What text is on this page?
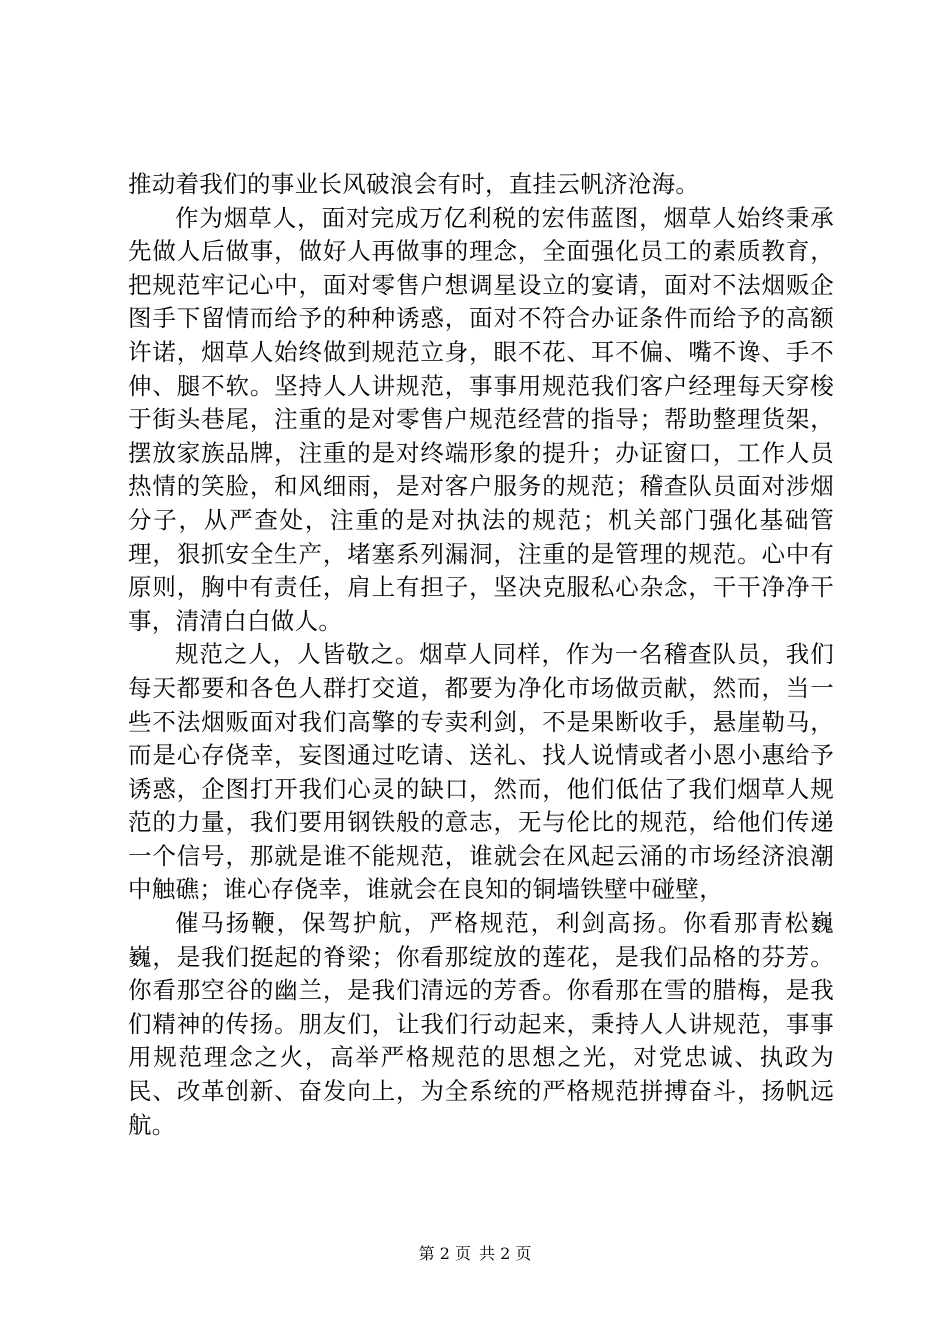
推动着我们的事业长风破浪会有时，直挂云帆济沧海。

作为烟草人，面对完成万亿利税的宏伟蓝图，烟草人始终秉承先做人后做事，做好人再做事的理念，全面强化员工的素质教育，把规范牢记心中，面对零售户想调星设立的宴请，面对不法烟贩企图手下留情而给予的种种诱惑，面对不符合办证条件而给予的高额许诺，烟草人始终做到规范立身，眼不花、耳不偏、嘴不谗、手不伸、腿不软。坚持人人讲规范，事事用规范我们客户经理每天穿梭于街头巷尾，注重的是对零售户规范经营的指导；帮助整理货架，摆放家族品牌，注重的是对终端形象的提升；办证窗口，工作人员热情的笑脸，和风细雨，是对客户服务的规范；稽查队员面对涉烟分子，从严查处，注重的是对执法的规范；机关部门强化基础管理，狠抓安全生产，堵塞系列漏洞，注重的是管理的规范。心中有原则，胸中有责任，肩上有担子，坚决克服私心杂念，干干净净干事，清清白白做人。

规范之人，人皆敬之。烟草人同样，作为一名稽查队员，我们每天都要和各色人群打交道，都要为净化市场做贡献，然而，当一些不法烟贩面对我们高擎的专卖利剑，不是果断收手，悬崖勒马，而是心存侥幸，妄图通过吃请、送礼、找人说情或者小恩小惠给予诱惑，企图打开我们心灵的缺口，然而，他们低估了我们烟草人规范的力量，我们要用钢铁般的意志，无与伦比的规范，给他们传递一个信号，那就是谁不能规范，谁就会在风起云涌的市场经济浪潮中触礁；谁心存侥幸，谁就会在良知的铜墙铁壁中碰壁，

催马扬鞭，保驾护航，严格规范，利剑高扬。你看那青松巍巍，是我们挺起的脊梁；你看那绽放的莲花，是我们品格的芬芳。你看那空谷的幽兰，是我们清远的芳香。你看那在雪的腊梅，是我们精神的传扬。朋友们，让我们行动起来，秉持人人讲规范，事事用规范理念之火，高举严格规范的思想之光，对党忠诚、执政为民、改革创新、奋发向上，为全系统的严格规范拼搏奋斗，扬帆远航。

第 2 页 共 2 页
